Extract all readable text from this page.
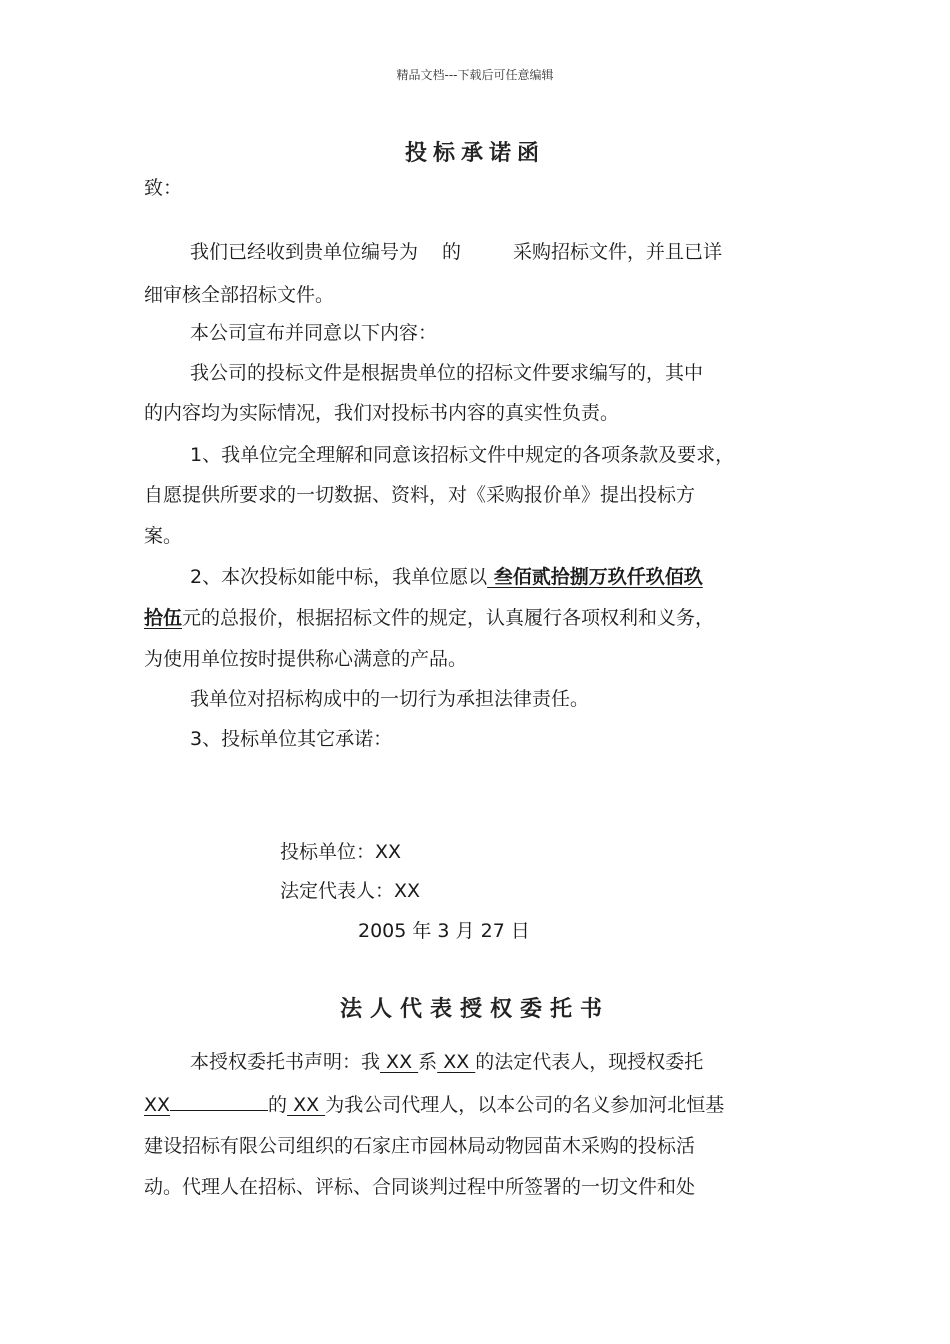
精品文档---下载后可任意编辑
投标承诺函
致：
我们已经收到贵单位编号为 的	采购招标文件，并且已详
细审核全部招标文件。
本公司宣布并同意以下内容：
我公司的投标文件是根据贵单位的招标文件要求编写的，其中
的内容均为实际情况，我们对投标书内容的真实性负责。
1、我单位完全理解和同意该招标文件中规定的各项条款及要求，
自愿提供所要求的一切数据、资料，对《采购报价单》提出投标方
案。
2、本次投标如能中标，我单位愿以 叁佰贰拾捌万玖仟玖佰玖
拾伍元的总报价，根据招标文件的规定，认真履行各项权利和义务，
为使用单位按时提供称心满意的产品。
我单位对招标构成中的一切行为承担法律责任。
3、投标单位其它承诺：
投标单位：XX
法定代表人：XX
2005 年 3 月 27 日
法人代表授权委托书
本授权委托书声明：我 XX 系 XX 的法定代表人，现授权委托
XX	的 XX 为我公司代理人，以本公司的名义参加河北恒基
建设招标有限公司组织的石家庄市园林局动物园苗木采购的投标活
动。代理人在招标、评标、合同谈判过程中所签署的一切文件和处
